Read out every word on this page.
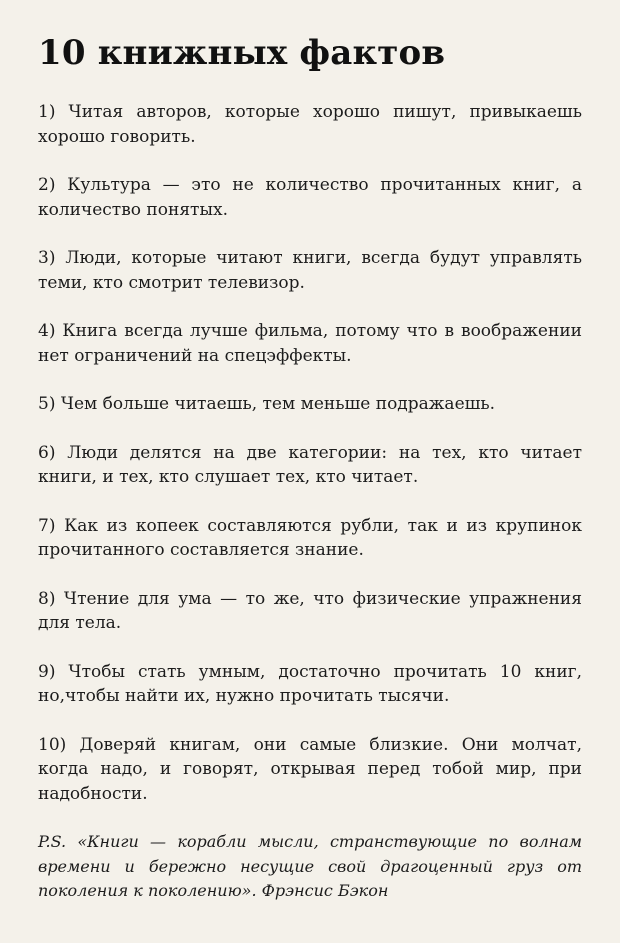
10 книжных фактов
1) Читая авторов, которые хорошо пишут, привыкаешь хорошо говорить.
2) Культура — это не количество прочитанных книг, а количество понятых.
3) Люди, которые читают книги, всегда будут управлять теми, кто смотрит телевизор.
4) Книга всегда лучше фильма, потому что в воображении нет ограничений на спецэффекты.
5) Чем больше читаешь, тем меньше подражаешь.
6) Люди делятся на две категории: на тех, кто читает книги, и тех, кто слушает тех, кто читает.
7) Как из копеек составляются рубли, так и из крупинок прочитанного составляется знание.
8) Чтение для ума — то же, что физические упражнения для тела.
9) Чтобы стать умным, достаточно прочитать 10 книг, но,чтобы найти их, нужно прочитать тысячи.
10) Доверяй книгам, они самые близкие. Они молчат, когда надо, и говорят, открывая перед тобой мир, при надобности.

P.S. «Книги — корабли мысли, странствующие по волнам времени и бережно несущие свой драгоценный груз от поколения к поколению». Фрэнсис Бэкон
